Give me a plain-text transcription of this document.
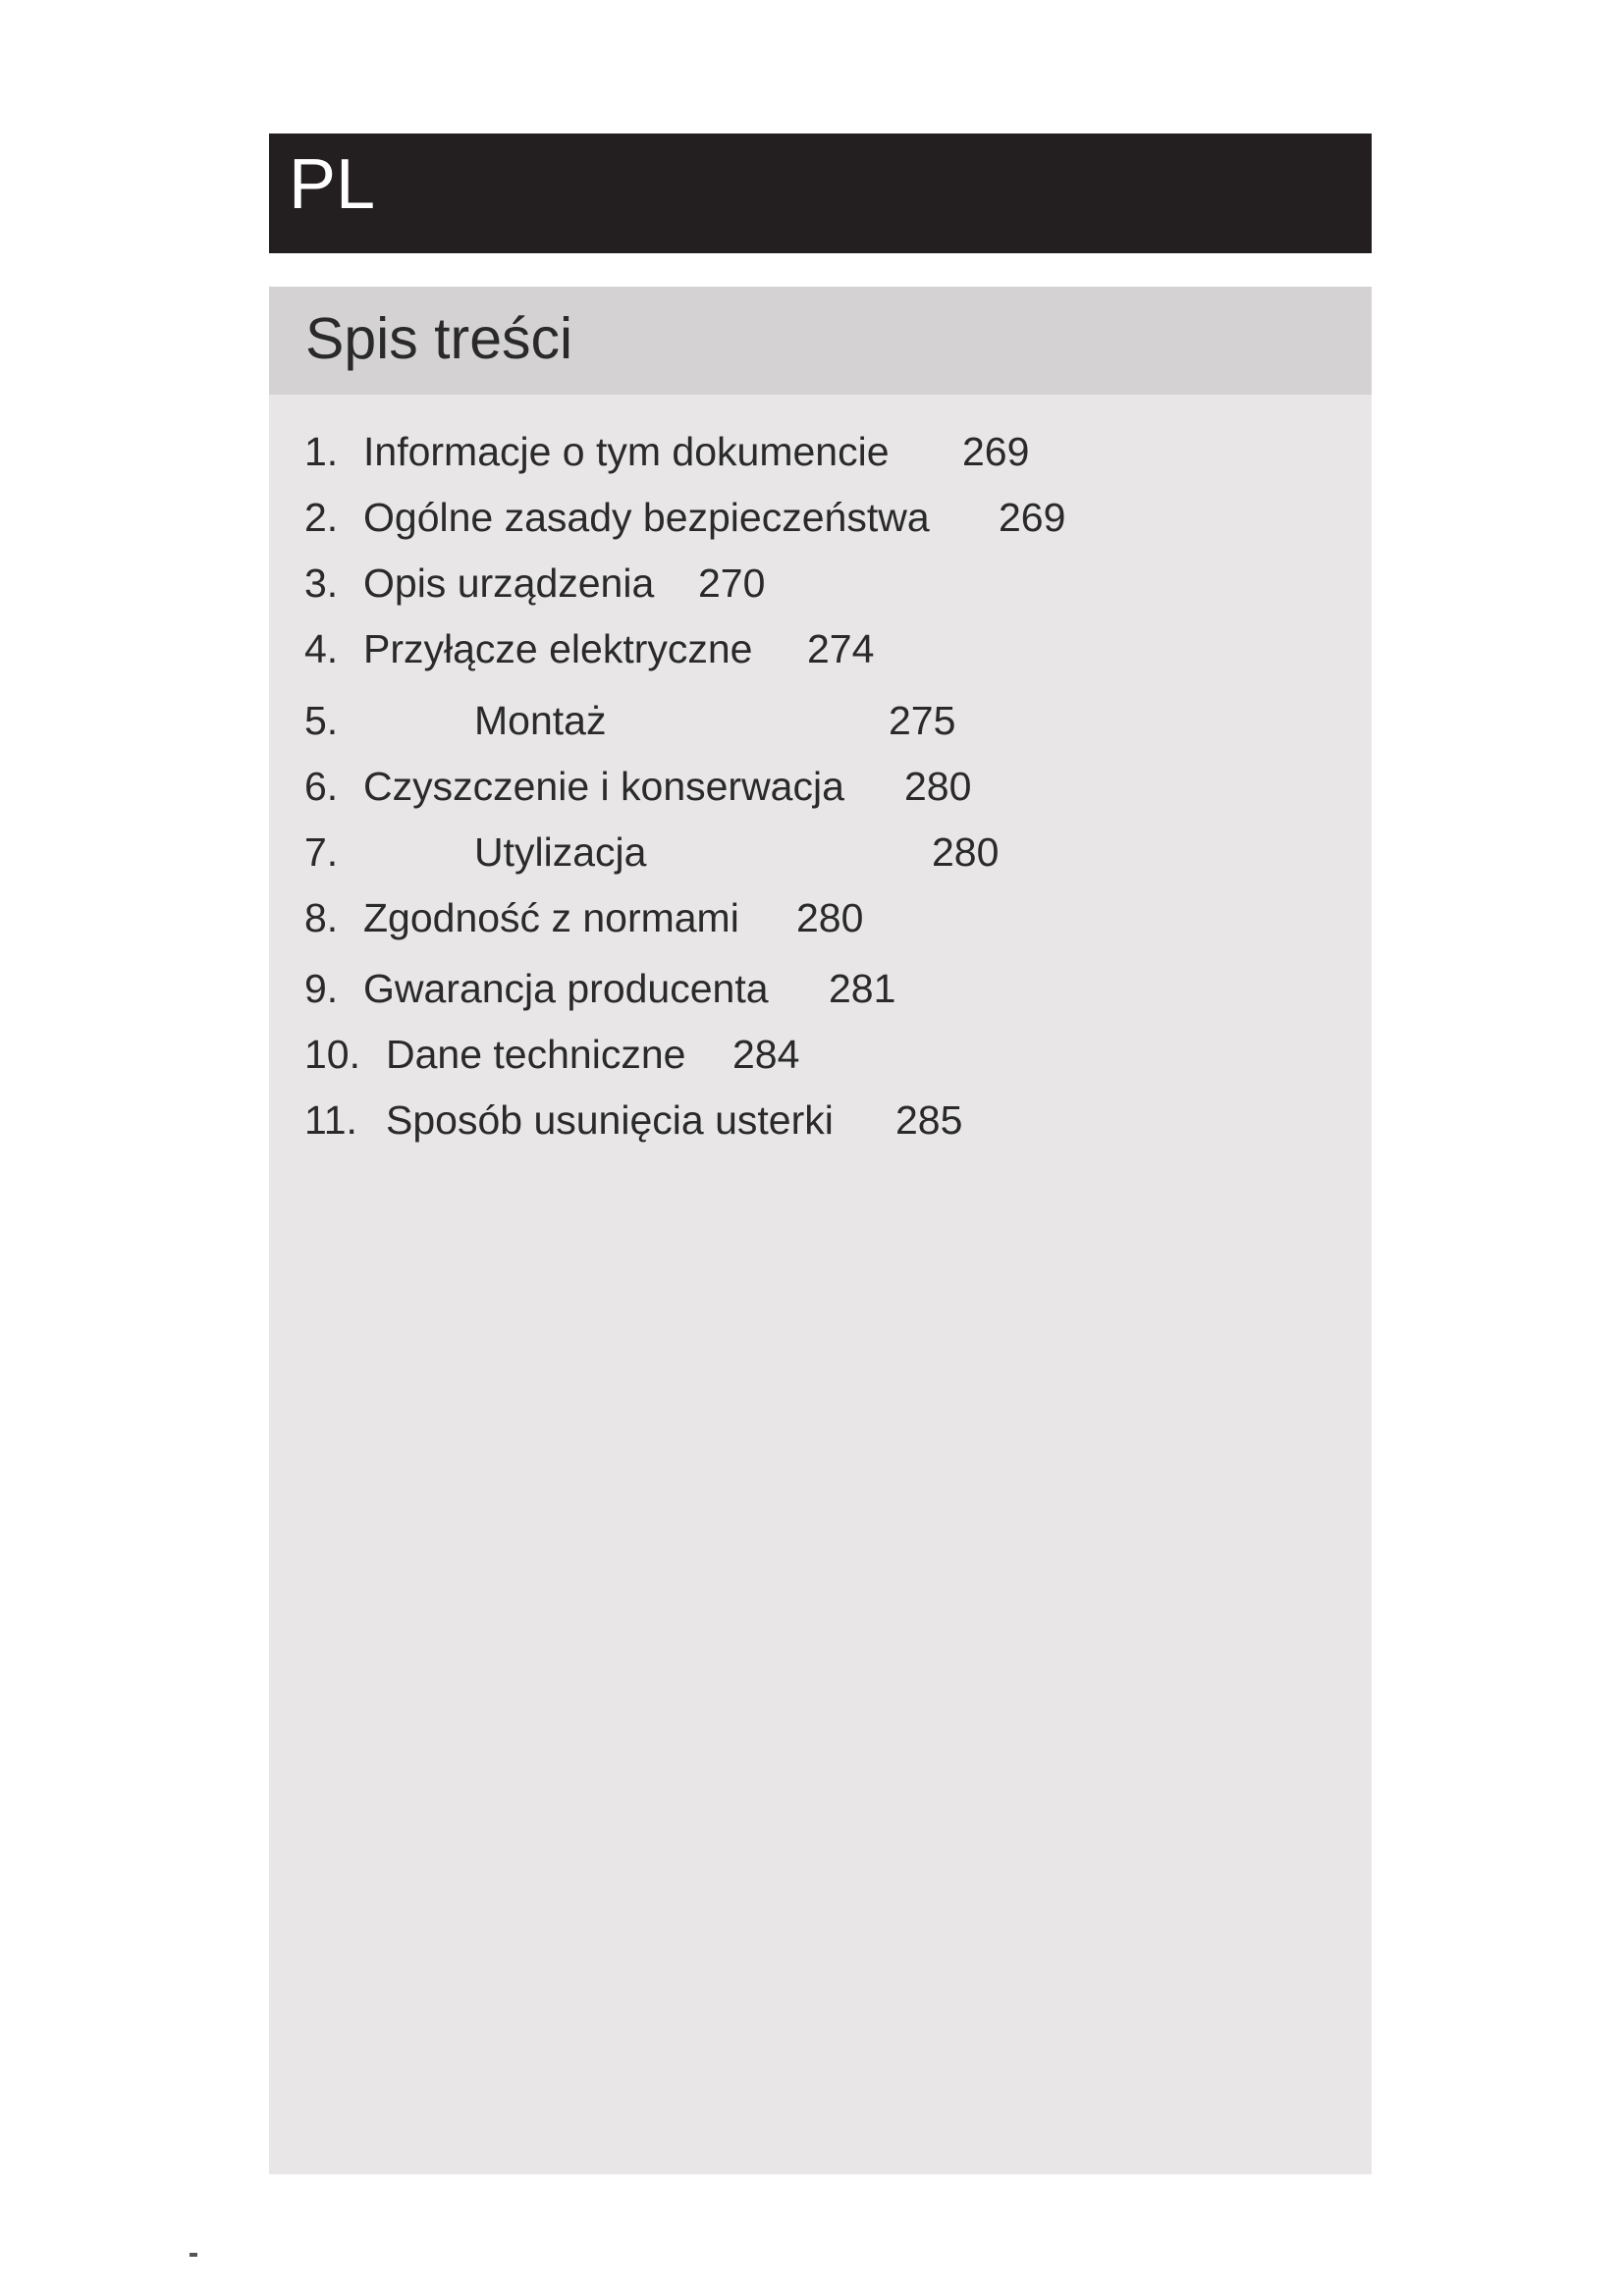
PL
Spis treści
1. Informacje o tym dokumencie 269
2. Ogólne zasady bezpieczeństwa 269
3. Opis urządzenia 270
4. Przyłącze elektryczne 274
5.	Montaż	275
6. Czyszczenie i konserwacja 280
7.	Utylizacja	280
8. Zgodność z normami 280
9. Gwarancja producenta 281
10. Dane techniczne 284
11. Sposób usunięcia usterki 285
